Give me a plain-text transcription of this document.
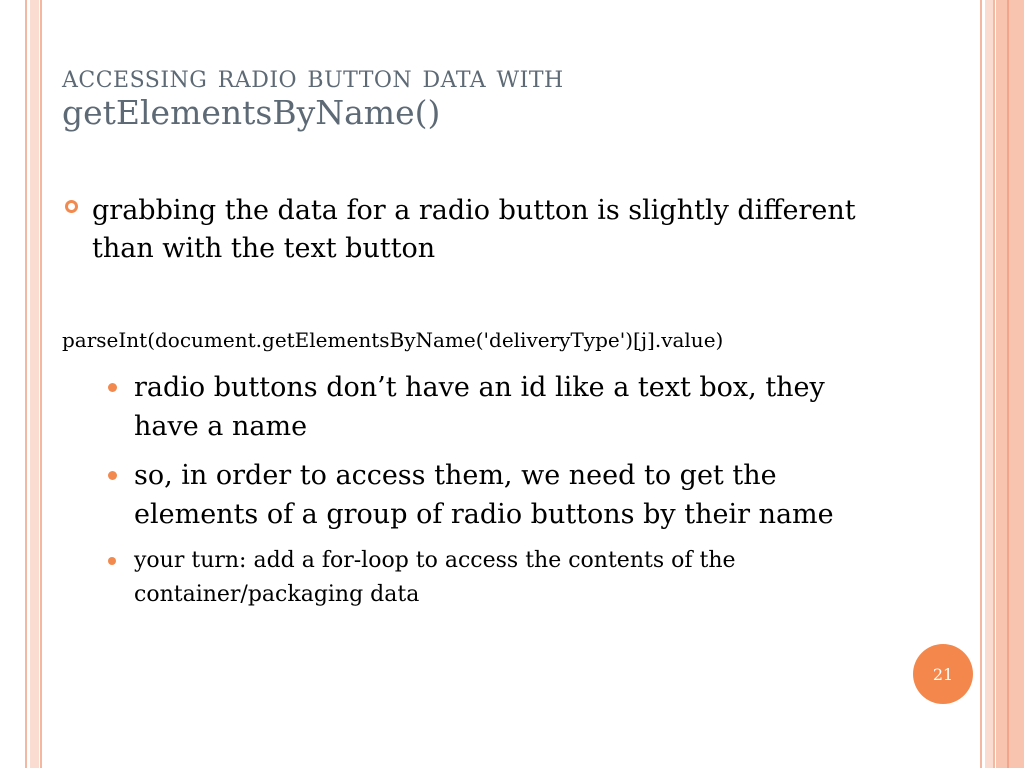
accessing radio button data with
getElementsByName()
grabbing the data for a radio button is slightly different than with the text button
parseInt(document.getElementsByName('deliveryType')[j].value)
radio buttons don’t have an id like a text box, they have a name
so, in order to access them, we need to get the elements of a group of radio buttons by their name
your turn: add a for-loop to access the contents of the container/packaging data
21
